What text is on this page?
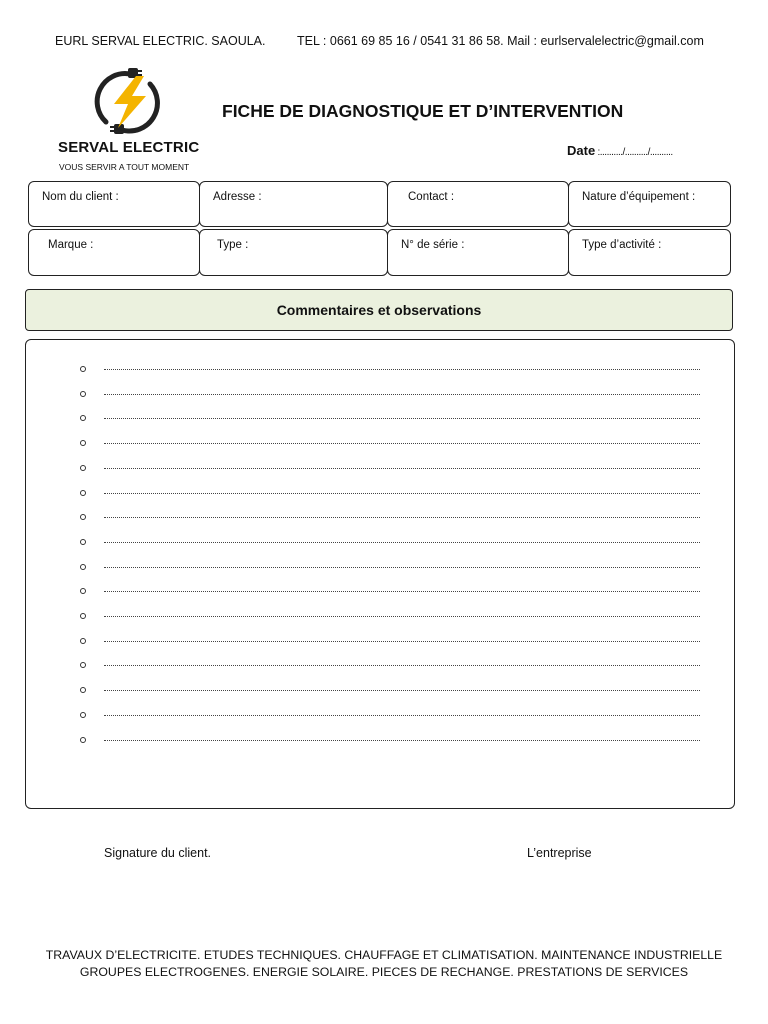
EURL SERVAL ELECTRIC. SAOULA.	TEL : 0661 69 85 16 / 0541 31 86 58. Mail : eurlservalelectric@gmail.com
SERVAL ELECTRIC
VOUS SERVIR A TOUT MOMENT
FICHE DE DIAGNOSTIQUE ET D’INTERVENTION
Date :........../........../..........
Nom du client :	Adresse :	Contact :	Nature d’équipement :
Marque :	Type :	N° de série :	Type d’activité :
Commentaires et observations
Signature du client.	L’entreprise
TRAVAUX D’ELECTRICITE. ETUDES TECHNIQUES. CHAUFFAGE ET CLIMATISATION. MAINTENANCE INDUSTRIELLE
GROUPES ELECTROGENES. ENERGIE SOLAIRE. PIECES DE RECHANGE. PRESTATIONS DE SERVICES
